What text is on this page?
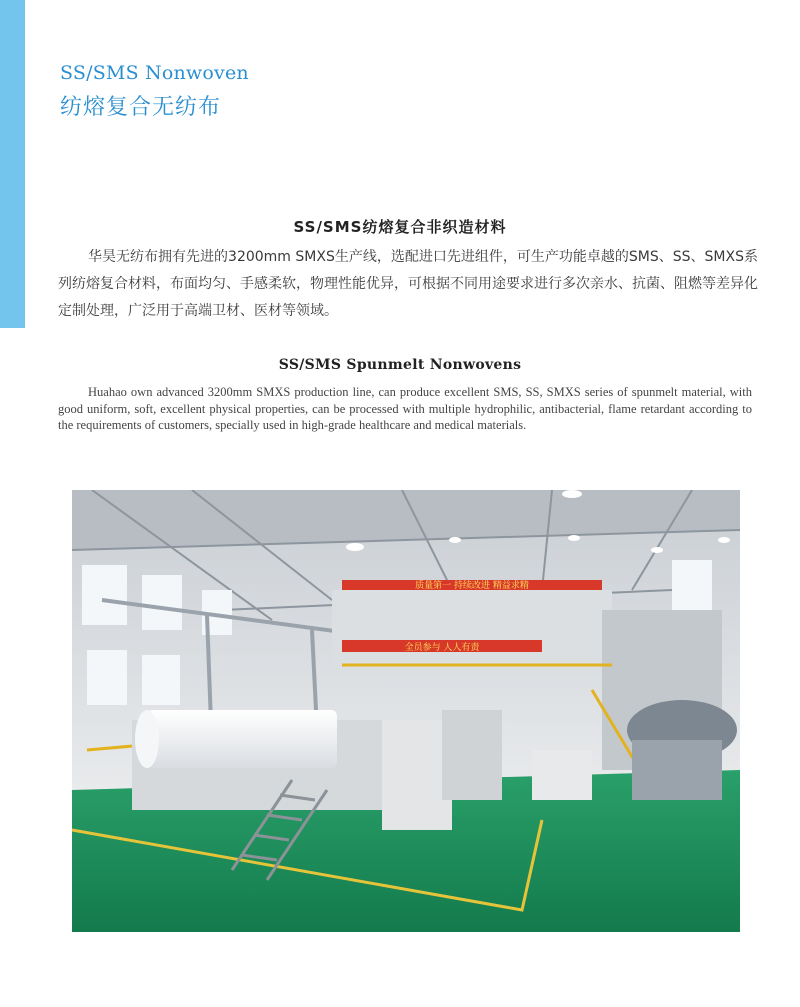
SS/SMS Nonwoven
纺熔复合无纺布
SS/SMS纺熔复合非织造材料
华昊无纺布拥有先进的3200mm SMXS生产线，选配进口先进组件，可生产功能卓越的SMS、SS、SMXS系列纺熔复合材料，布面均匀、手感柔软，物理性能优异，可根据不同用途要求进行多次亲水、抗菌、阻燃等差异化定制处理，广泛用于高端卫材、医材等领域。
SS/SMS Spunmelt Nonwovens
Huahao own advanced 3200mm SMXS production line, can produce excellent SMS, SS, SMXS series of spunmelt material, with good uniform, soft, excellent physical properties, can be processed with multiple hydrophilic, antibacterial, flame retardant according to the requirements of customers, specially used in high-grade healthcare and medical materials.
质量第一 持续改进 精益求精
全员参与 人人有责
